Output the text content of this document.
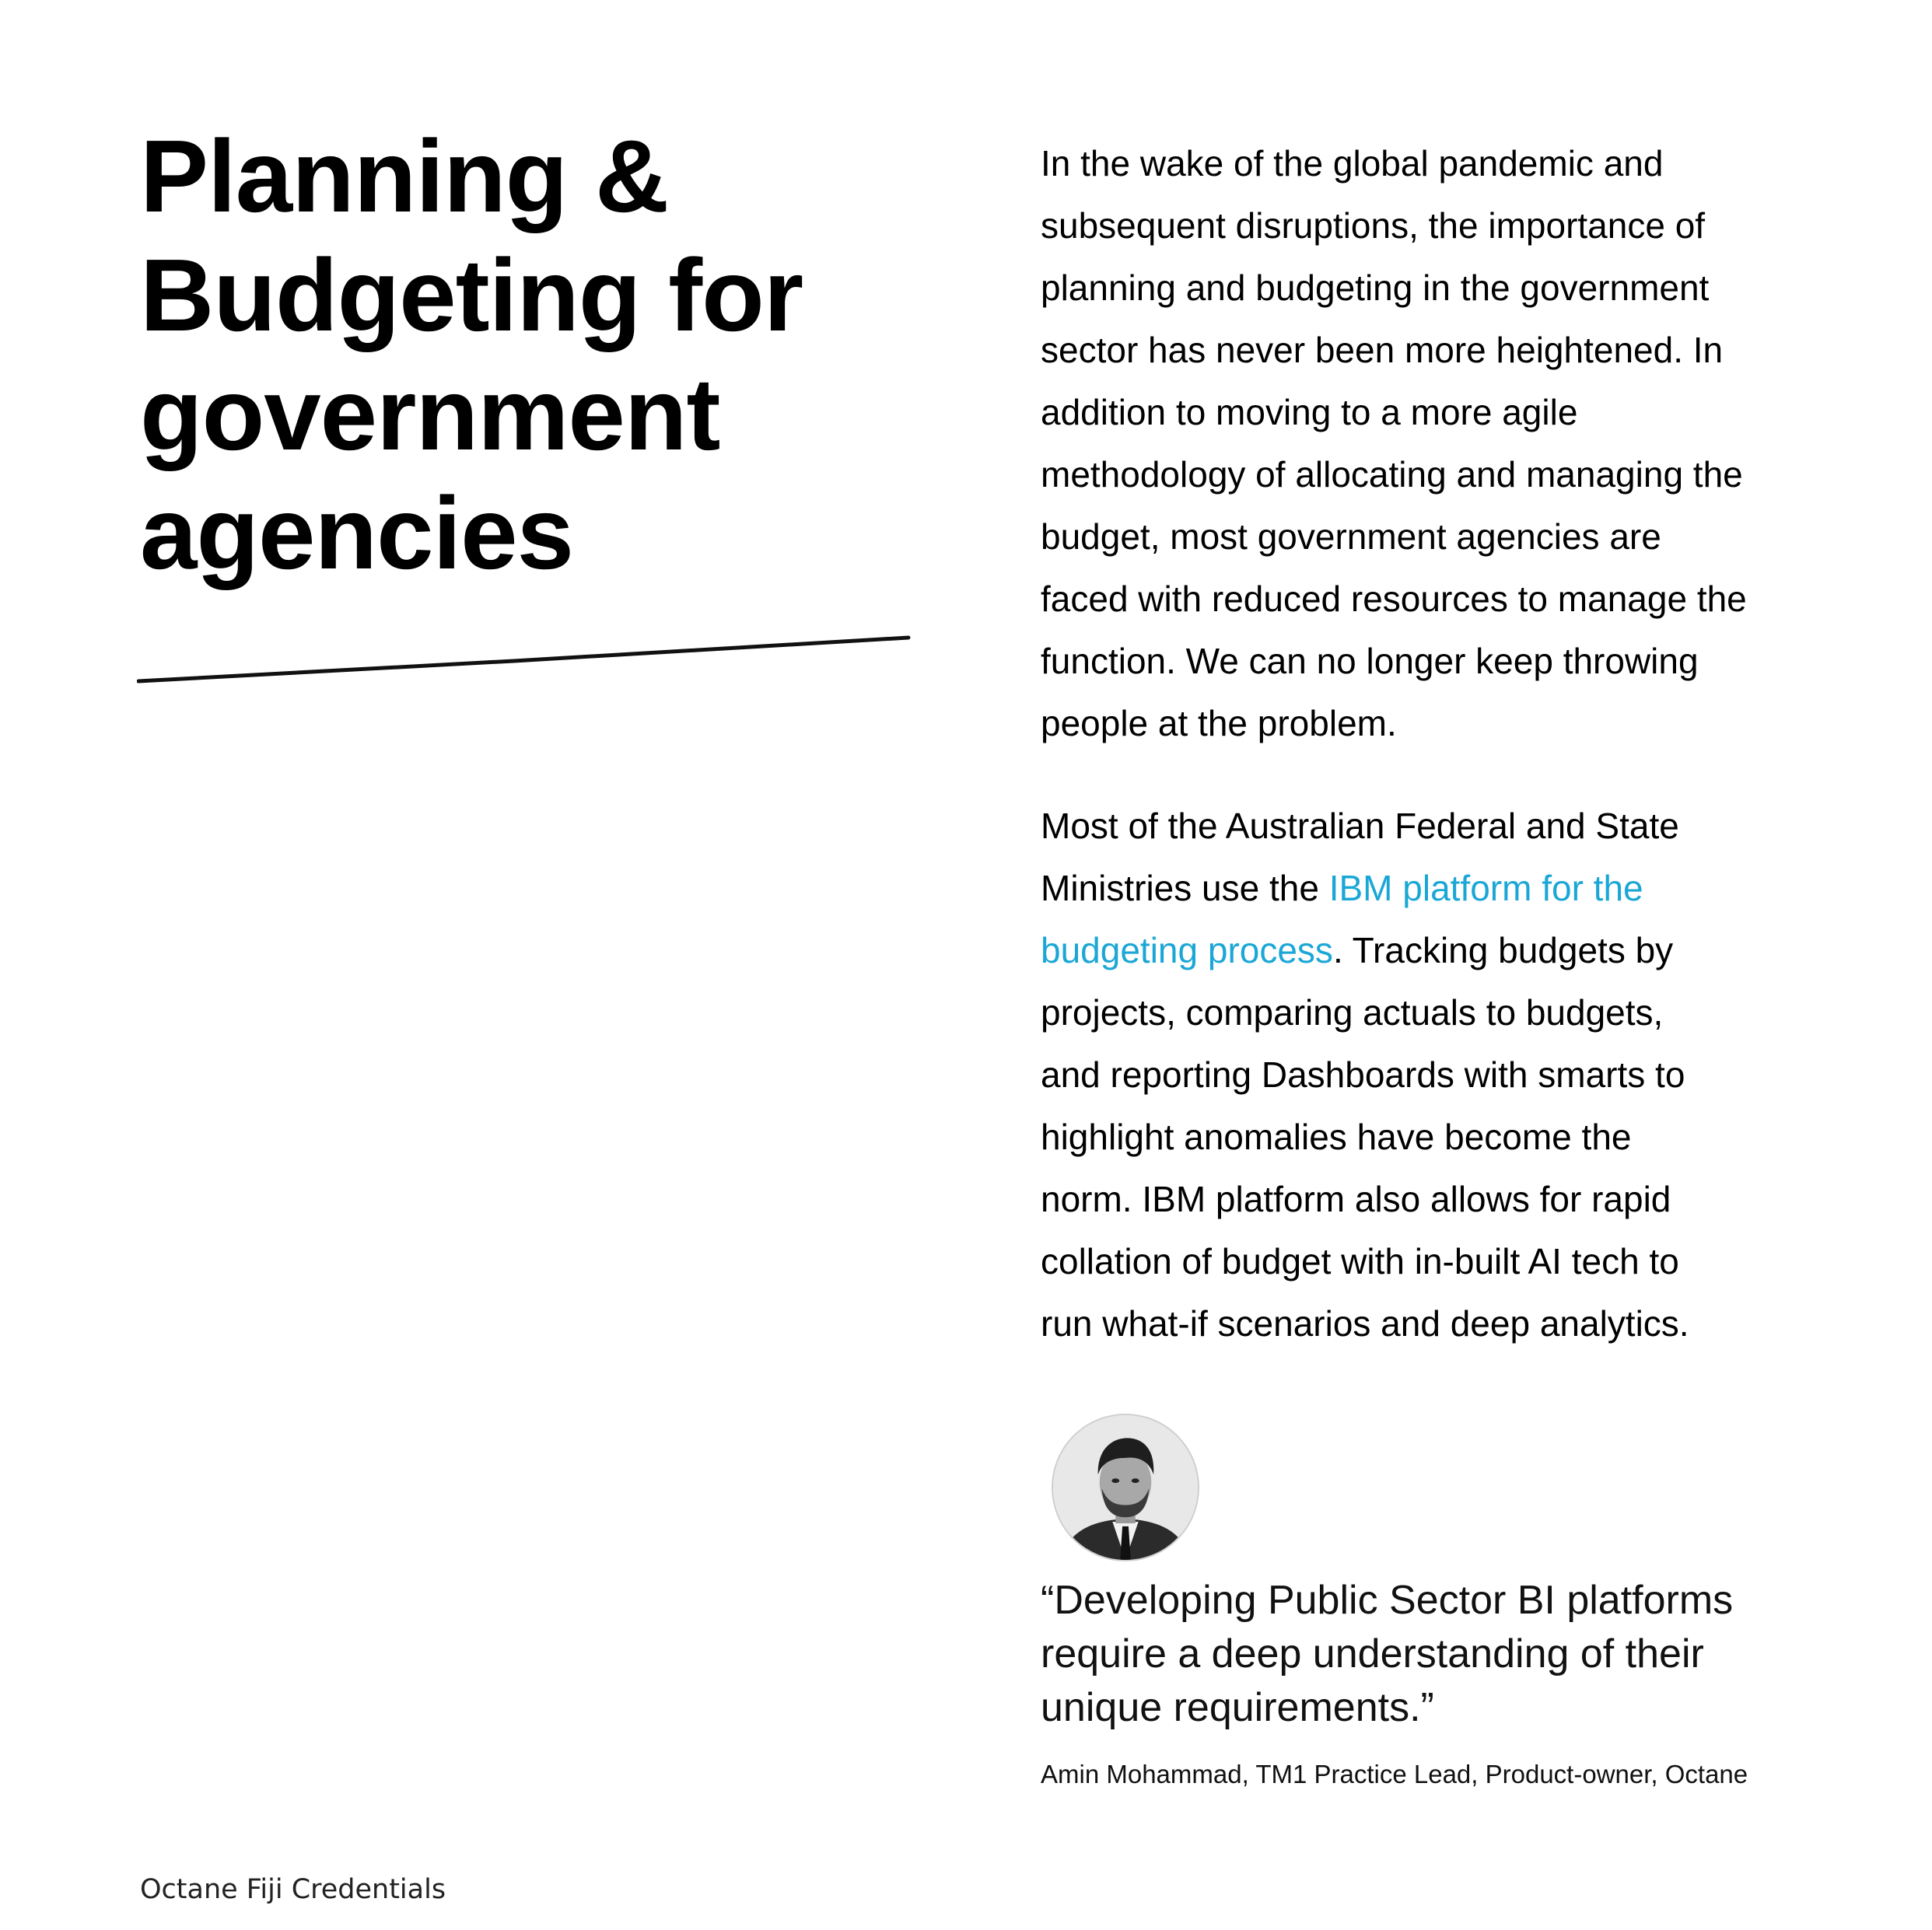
Planning &
Budgeting for
government
agencies

In the wake of the global pandemic and
subsequent disruptions, the importance of
planning and budgeting in the government
sector has never been more heightened. In
addition to moving to a more agile
methodology of allocating and managing the
budget, most government agencies are
faced with reduced resources to manage the
function. We can no longer keep throwing
people at the problem.

Most of the Australian Federal and State
Ministries use the IBM platform for the
budgeting process. Tracking budgets by
projects, comparing actuals to budgets,
and reporting Dashboards with smarts to
highlight anomalies have become the
norm. IBM platform also allows for rapid
collation of budget with in-built AI tech to
run what-if scenarios and deep analytics.

“Developing Public Sector BI platforms
require a deep understanding of their
unique requirements.”

Amin Mohammad, TM1 Practice Lead, Product-owner, Octane
Octane Fiji Credentials
